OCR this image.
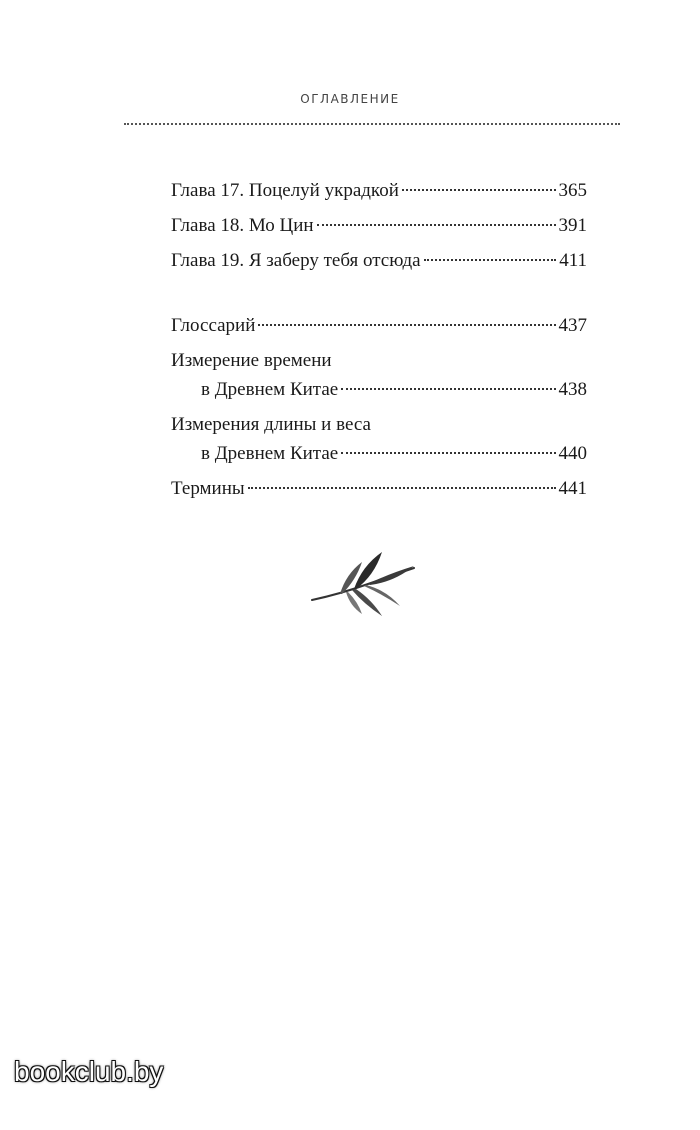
ОГЛАВЛЕНИЕ
Глава 17. Поцелуй украдкой	365
Глава 18. Мо Цин	391
Глава 19. Я заберу тебя отсюда	411
Глоссарий	437
Измерение времени
в Древнем Китае	438
Измерения длины и веса
в Древнем Китае	440
Термины	441
bookclub.by
